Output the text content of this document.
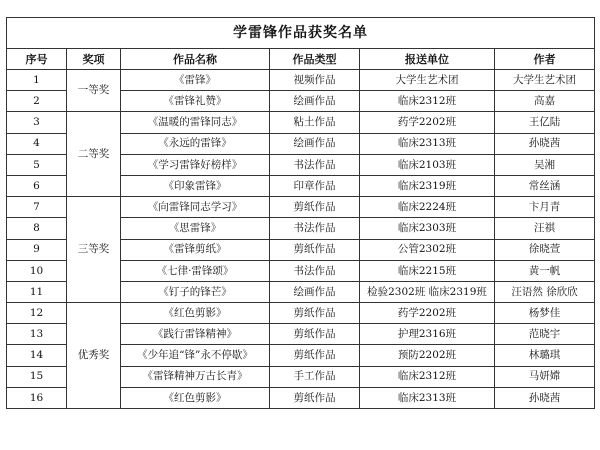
学雷锋作品获奖名单					
序号	奖项	作品名称	作品类型	报送单位	作者
1	一等奖	《雷锋》	视频作品	大学生艺术团	大学生艺术团
2		《雷锋礼赞》	绘画作品	临床2312班	高嘉
3	二等奖	《温暖的雷锋同志》	粘土作品	药学2202班	王亿陆
4		《永远的雷锋》	绘画作品	临床2313班	孙晓茜
5		《学习雷锋好榜样》	书法作品	临床2103班	吴湘
6		《印象雷锋》	印章作品	临床2319班	常丝涵
7	三等奖	《向雷锋同志学习》	剪纸作品	临床2224班	卞月青
8		《思雷锋》	书法作品	临床2303班	汪祺
9		《雷锋剪纸》	剪纸作品	公管2302班	徐晓萱
10		《七律·雷锋颂》	书法作品	临床2215班	黄一帆
11		《钉子的锋芒》	绘画作品	检验2302班 临床2319班	汪语然 徐欣欣
12	优秀奖	《红色剪影》	剪纸作品	药学2202班	杨梦佳
13		《践行雷锋精神》	剪纸作品	护理2316班	范晓宇
14		《少年追“锋”永不停歇》	剪纸作品	预防2202班	林璐琪
15		《雷锋精神万古长青》	手工作品	临床2312班	马妍嫦
16		《红色剪影》	剪纸作品	临床2313班	孙晓茜
